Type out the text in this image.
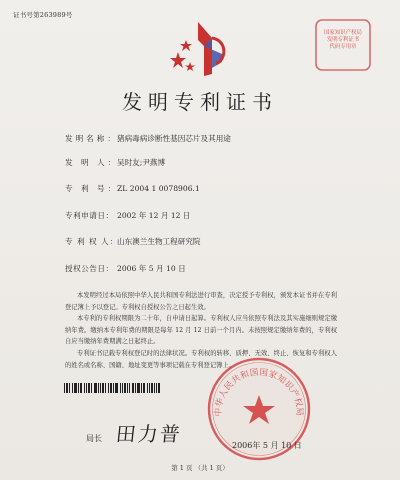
证书号第263989号
国家知识产权局
发明专利证书
代码专用章
发明专利证书
发明名称：猪病毒病诊断性基因芯片及其用途
发 明 人：吴时友;尹燕博
专 利 号：ZL 2004 1 0078906.1
专利申请日： 2002 年 12 月 12 日
专 利 权 人：山东澳兰生物工程研究院
授权公告日： 2006 年 5 月 10 日

本发明经过本局依照中华人民共和国专利法进行审查，决定授予专利权，颁发本证书并在专利登记簿上予以登记。专利权自授权公告之日起生效。

本专利的专利权期限为二十年，自申请日起算。专利权人应当依照专利法及其实施细则规定缴纳年费。缴纳本专利年费的期限是每年 12 月 12 日前一个月内。未按照规定缴纳年费的，专利权自应当缴纳年费期满之日起终止。

专利证书记载专利权登记时的法律状况。专利权的转移、质押、无效、终止、恢复和专利权人的姓名或名称、国籍、地址变更等事项记载在专利登记簿上。

局长 田力普
中华人民共和国国家知识产权局
2006年 5 月 10 日
第 1 页 （共 1 页）
